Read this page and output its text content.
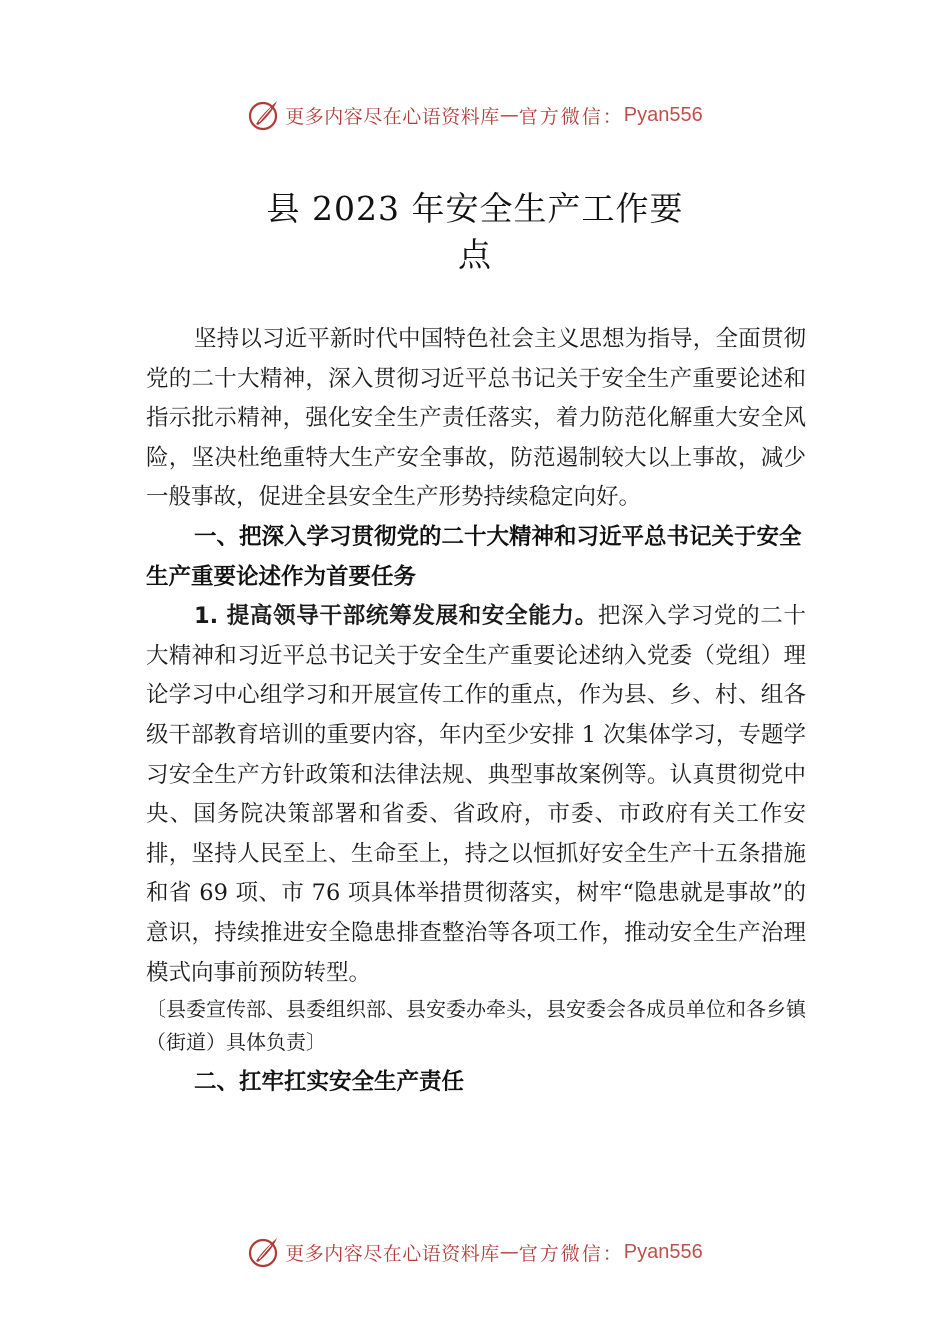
更多内容尽在心语资料库 — 官方微信： Pyan556
县 2023 年安全生产工作要
点

坚持以习近平新时代中国特色社会主义思想为指导，全面贯彻党的二十大精神，深入贯彻习近平总书记关于安全生产重要论述和指示批示精神，强化安全生产责任落实，着力防范化解重大安全风险，坚决杜绝重特大生产安全事故，防范遏制较大以上事故，减少一般事故，促进全县安全生产形势持续稳定向好。

一、把深入学习贯彻党的二十大精神和习近平总书记关于安全生产重要论述作为首要任务

1. 提高领导干部统筹发展和安全能力。把深入学习党的二十大精神和习近平总书记关于安全生产重要论述纳入党委（党组）理论学习中心组学习和开展宣传工作的重点，作为县、乡、村、组各级干部教育培训的重要内容，年内至少安排 1 次集体学习，专题学习安全生产方针政策和法律法规、典型事故案例等。认真贯彻党中央、国务院决策部署和省委、省政府，市委、市政府有关工作安排，坚持人民至上、生命至上，持之以恒抓好安全生产十五条措施和省 69 项、市 76 项具体举措贯彻落实，树牢“隐患就是事故”的意识，持续推进安全隐患排查整治等各项工作，推动安全生产治理模式向事前预防转型。

〔县委宣传部、县委组织部、县安委办牵头，县安委会各成员单位和各乡镇（街道）具体负责〕

二、扛牢扛实安全生产责任

更多内容尽在心语资料库 — 官方微信： Pyan556
